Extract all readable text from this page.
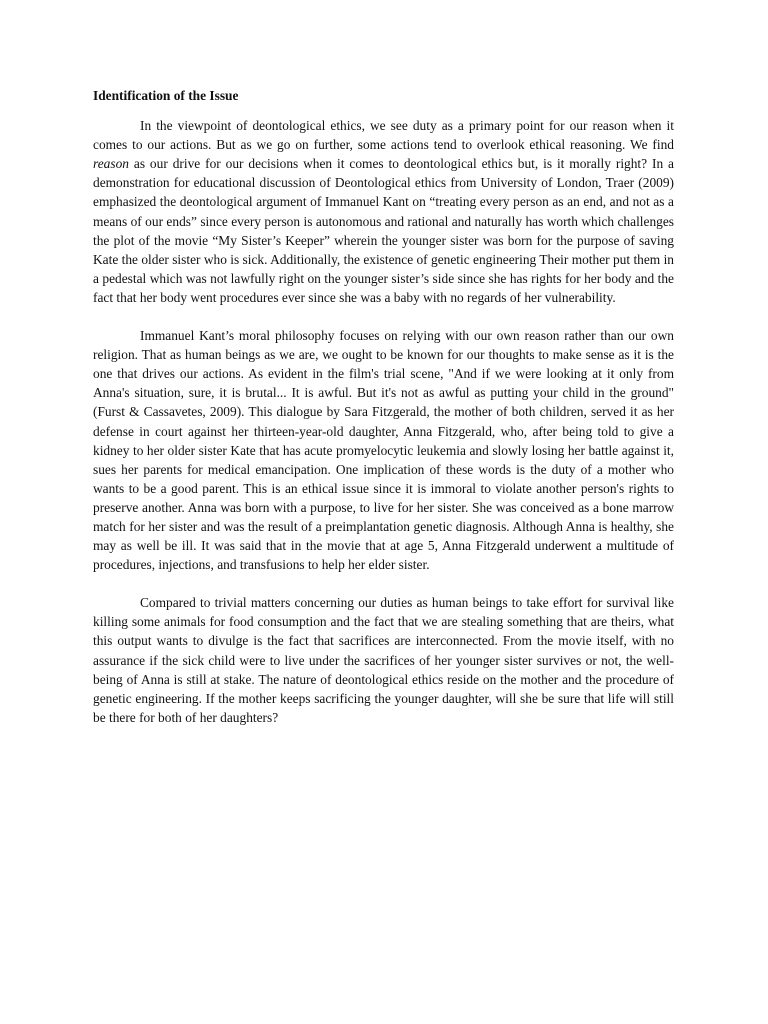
Identification of the Issue

In the viewpoint of deontological ethics, we see duty as a primary point for our reason when it comes to our actions. But as we go on further, some actions tend to overlook ethical reasoning. We find reason as our drive for our decisions when it comes to deontological ethics but, is it morally right? In a demonstration for educational discussion of Deontological ethics from University of London, Traer (2009) emphasized the deontological argument of Immanuel Kant on “treating every person as an end, and not as a means of our ends” since every person is autonomous and rational and naturally has worth which challenges the plot of the movie “My Sister’s Keeper” wherein the younger sister was born for the purpose of saving Kate the older sister who is sick. Additionally, the existence of genetic engineering Their mother put them in a pedestal which was not lawfully right on the younger sister’s side since she has rights for her body and the fact that her body went procedures ever since she was a baby with no regards of her vulnerability.

Immanuel Kant’s moral philosophy focuses on relying with our own reason rather than our own religion. That as human beings as we are, we ought to be known for our thoughts to make sense as it is the one that drives our actions. As evident in the film's trial scene, "And if we were looking at it only from Anna's situation, sure, it is brutal... It is awful. But it's not as awful as putting your child in the ground" (Furst & Cassavetes, 2009). This dialogue by Sara Fitzgerald, the mother of both children, served it as her defense in court against her thirteen-year-old daughter, Anna Fitzgerald, who, after being told to give a kidney to her older sister Kate that has acute promyelocytic leukemia and slowly losing her battle against it, sues her parents for medical emancipation. One implication of these words is the duty of a mother who wants to be a good parent. This is an ethical issue since it is immoral to violate another person's rights to preserve another. Anna was born with a purpose, to live for her sister. She was conceived as a bone marrow match for her sister and was the result of a preimplantation genetic diagnosis. Although Anna is healthy, she may as well be ill. It was said that in the movie that at age 5, Anna Fitzgerald underwent a multitude of procedures, injections, and transfusions to help her elder sister.

Compared to trivial matters concerning our duties as human beings to take effort for survival like killing some animals for food consumption and the fact that we are stealing something that are theirs, what this output wants to divulge is the fact that sacrifices are interconnected. From the movie itself, with no assurance if the sick child were to live under the sacrifices of her younger sister survives or not, the well-being of Anna is still at stake. The nature of deontological ethics reside on the mother and the procedure of genetic engineering. If the mother keeps sacrificing the younger daughter, will she be sure that life will still be there for both of her daughters?
